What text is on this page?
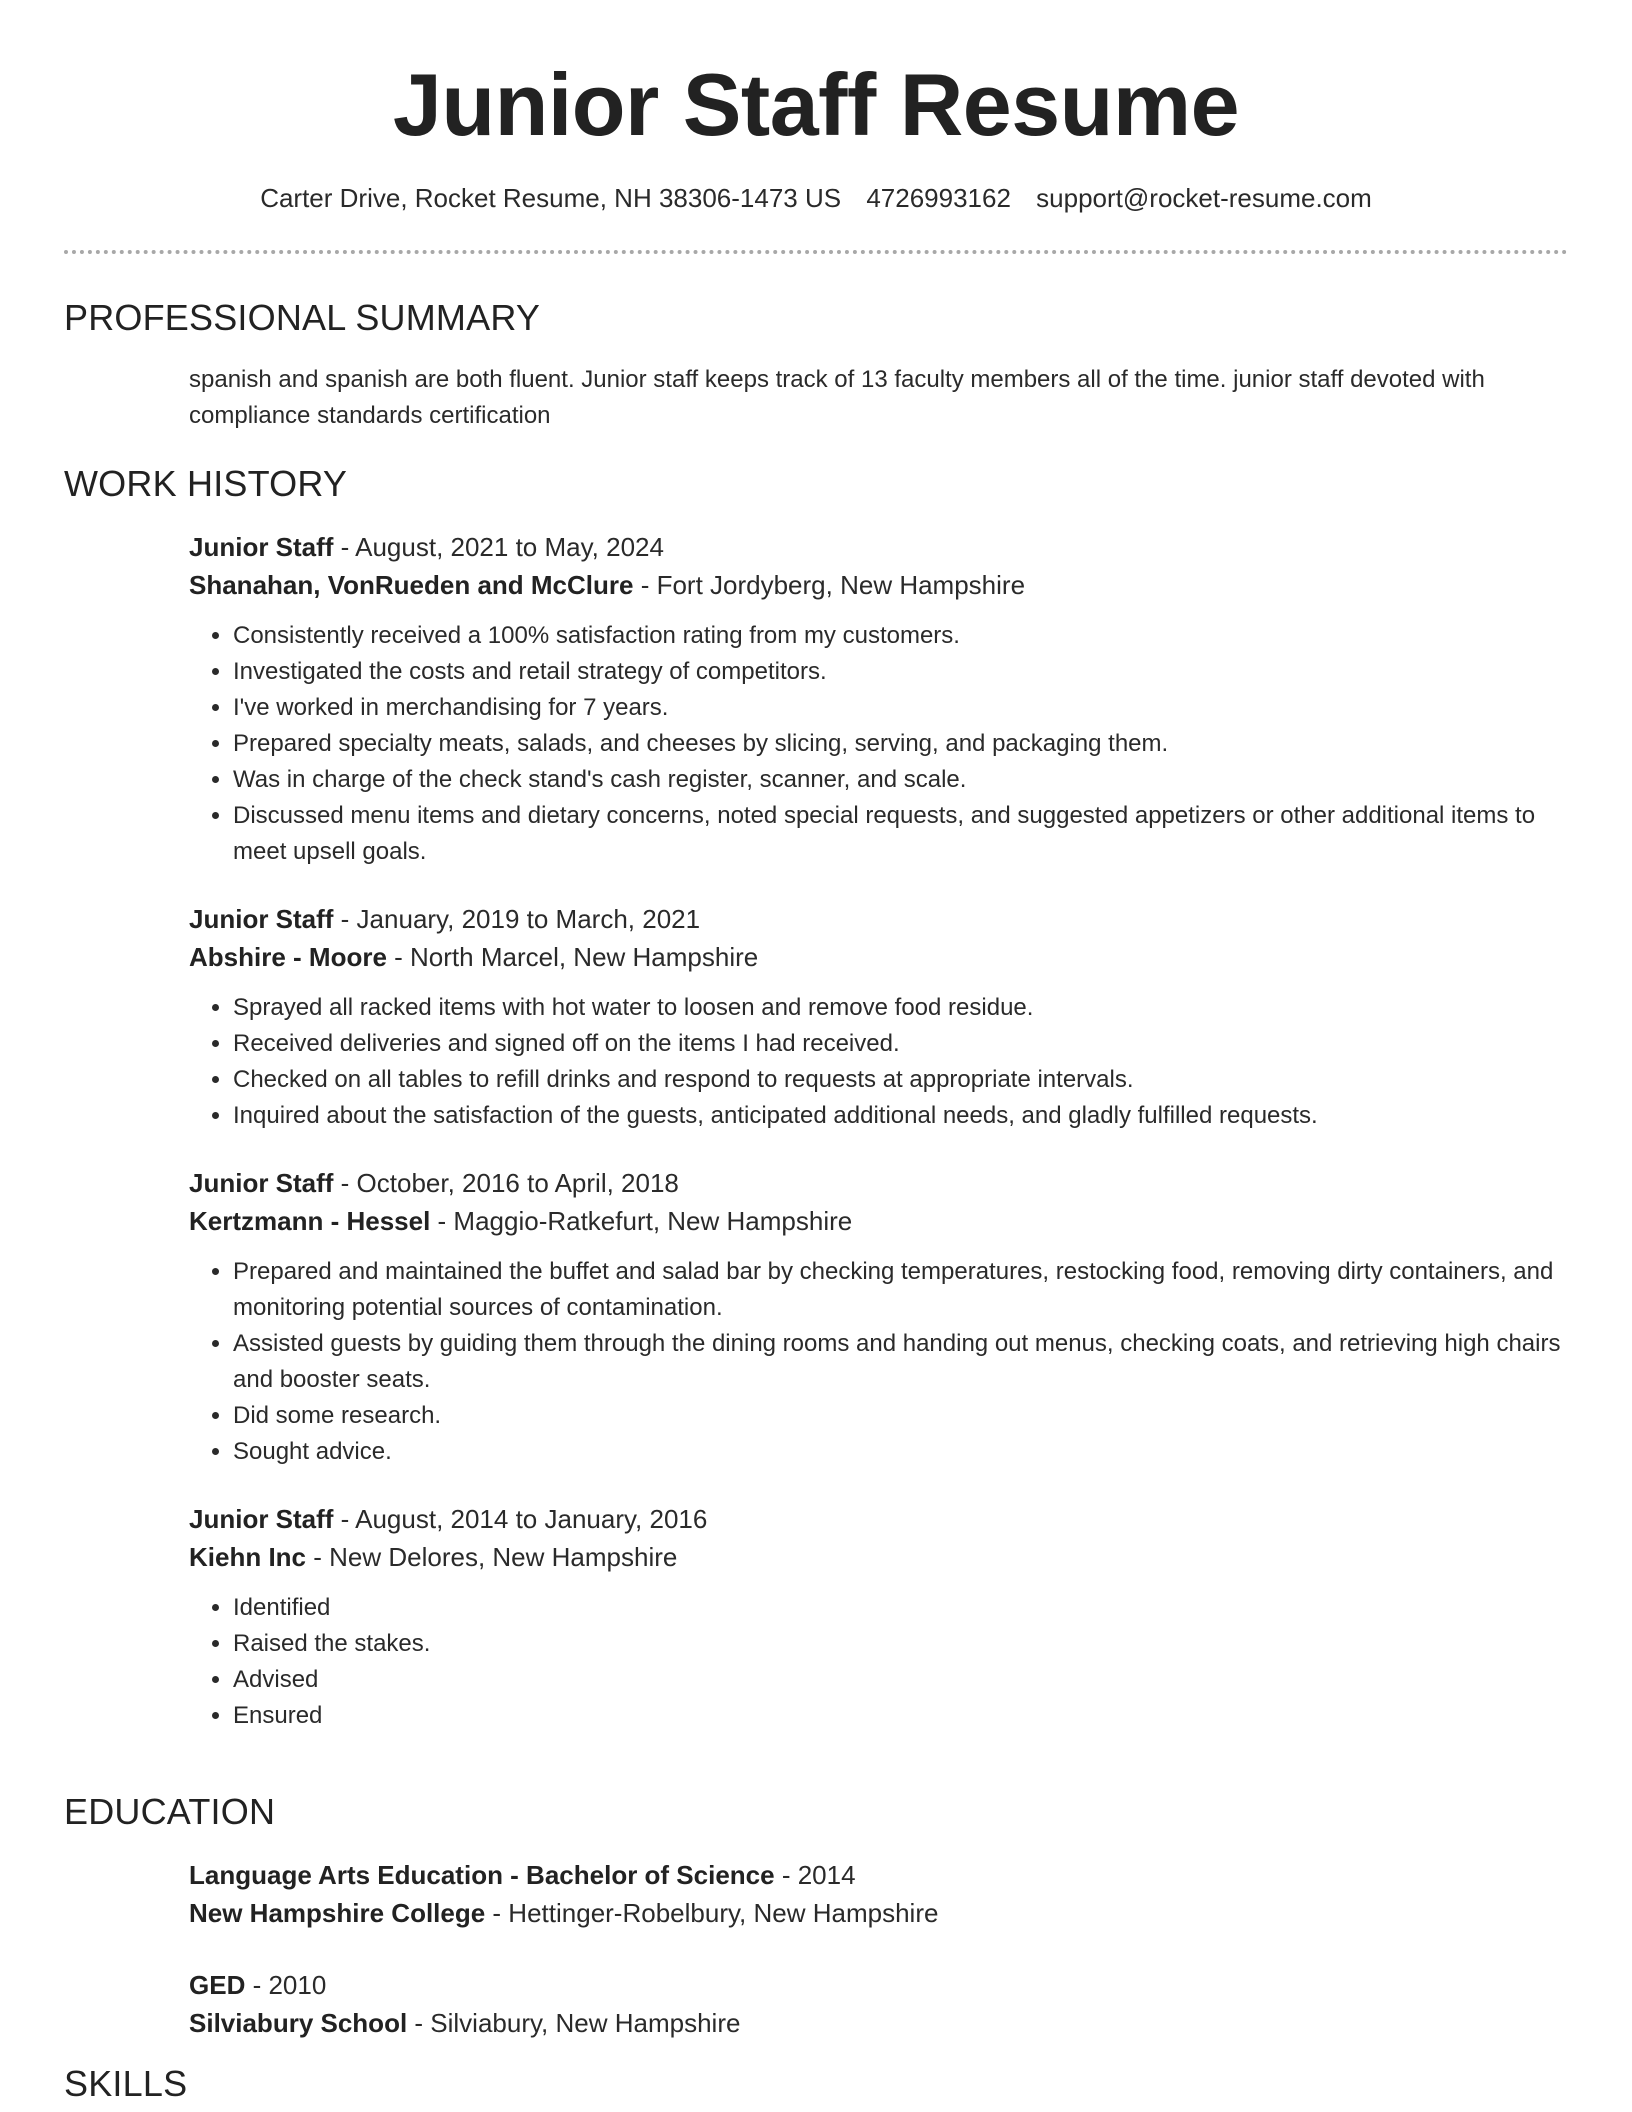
Junior Staff Resume
Carter Drive, Rocket Resume, NH 38306-1473 US 4726993162 support@rocket-resume.com
PROFESSIONAL SUMMARY

spanish and spanish are both fluent. Junior staff keeps track of 13 faculty members all of the time. junior staff devoted with compliance standards certification

WORK HISTORY

Junior Staff - August, 2021 to May, 2024

Shanahan, VonRueden and McClure - Fort Jordyberg, New Hampshire

• Consistently received a 100% satisfaction rating from my customers.
• Investigated the costs and retail strategy of competitors.
• I've worked in merchandising for 7 years.
• Prepared specialty meats, salads, and cheeses by slicing, serving, and packaging them.
• Was in charge of the check stand's cash register, scanner, and scale.
• Discussed menu items and dietary concerns, noted special requests, and suggested appetizers or other additional items to meet upsell goals.

Junior Staff - January, 2019 to March, 2021

Abshire - Moore - North Marcel, New Hampshire

• Sprayed all racked items with hot water to loosen and remove food residue.
• Received deliveries and signed off on the items I had received.
• Checked on all tables to refill drinks and respond to requests at appropriate intervals.
• Inquired about the satisfaction of the guests, anticipated additional needs, and gladly fulfilled requests.

Junior Staff - October, 2016 to April, 2018

Kertzmann - Hessel - Maggio-Ratkefurt, New Hampshire

• Prepared and maintained the buffet and salad bar by checking temperatures, restocking food, removing dirty containers, and monitoring potential sources of contamination.
• Assisted guests by guiding them through the dining rooms and handing out menus, checking coats, and retrieving high chairs and booster seats.
• Did some research.
• Sought advice.

Junior Staff - August, 2014 to January, 2016

Kiehn Inc - New Delores, New Hampshire

• Identified
• Raised the stakes.
• Advised
• Ensured
EDUCATION

Language Arts Education - Bachelor of Science - 2014

New Hampshire College - Hettinger-Robelbury, New Hampshire

GED - 2010

Silviabury School - Silviabury, New Hampshire

SKILLS
